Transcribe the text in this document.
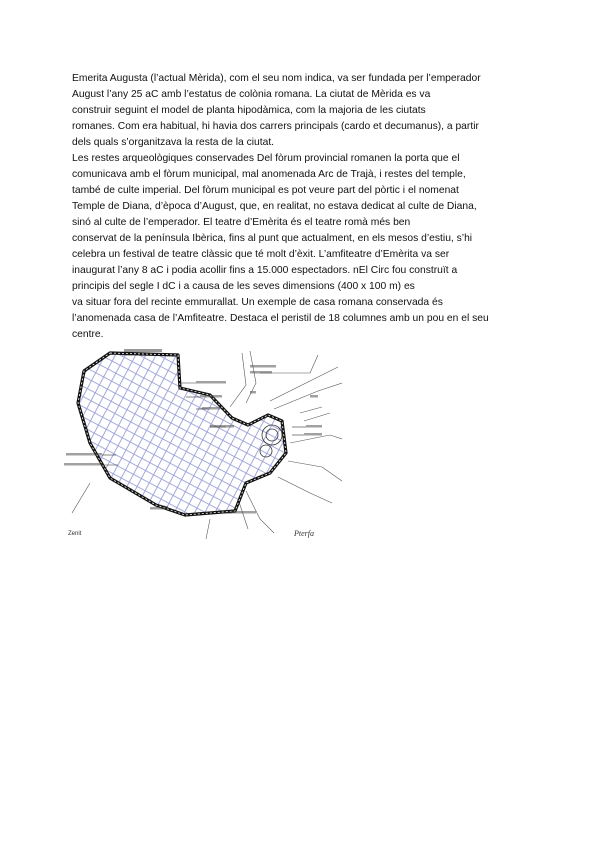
Emerita Augusta (l’actual Mèrida), com el seu nom indica, va ser fundada per l’emperador
August l’any 25 aC amb l’estatus de colònia romana. La ciutat de Mèrida es va
construir seguint el model de planta hipodàmica, com la majoria de les ciutats
romanes. Com era habitual, hi havia dos carrers principals (cardo et decumanus), a partir
dels quals s’organitzava la resta de la ciutat.
Les restes arqueològiques conservades Del fòrum provincial romanen la porta que el
comunicava amb el fòrum municipal, mal anomenada Arc de Trajà, i restes del temple,
també de culte imperial. Del fòrum municipal es pot veure part del pòrtic i el nomenat
Temple de Diana, d’època d’August, que, en realitat, no estava dedicat al culte de Diana,
sinó al culte de l’emperador. El teatre d’Emèrita és el teatre romà més ben
conservat de la península Ibèrica, fins al punt que actualment, en els mesos d’estiu, s’hi
celebra un festival de teatre clàssic que té molt d’èxit. L’amfiteatre d’Emèrita va ser
inaugurat l’any 8 aC i podia acollir fins a 15.000 espectadors. nEl Circ fou construït a
principis del segle I dC i a causa de les seves dimensions (400 x 100 m) es
va situar fora del recinte emmurallat. Un exemple de casa romana conservada és
l’anomenada casa de l’Amfiteatre. Destaca el peristil de 18 columnes amb un pou en el seu
centre.
Zenit	Pterfa
